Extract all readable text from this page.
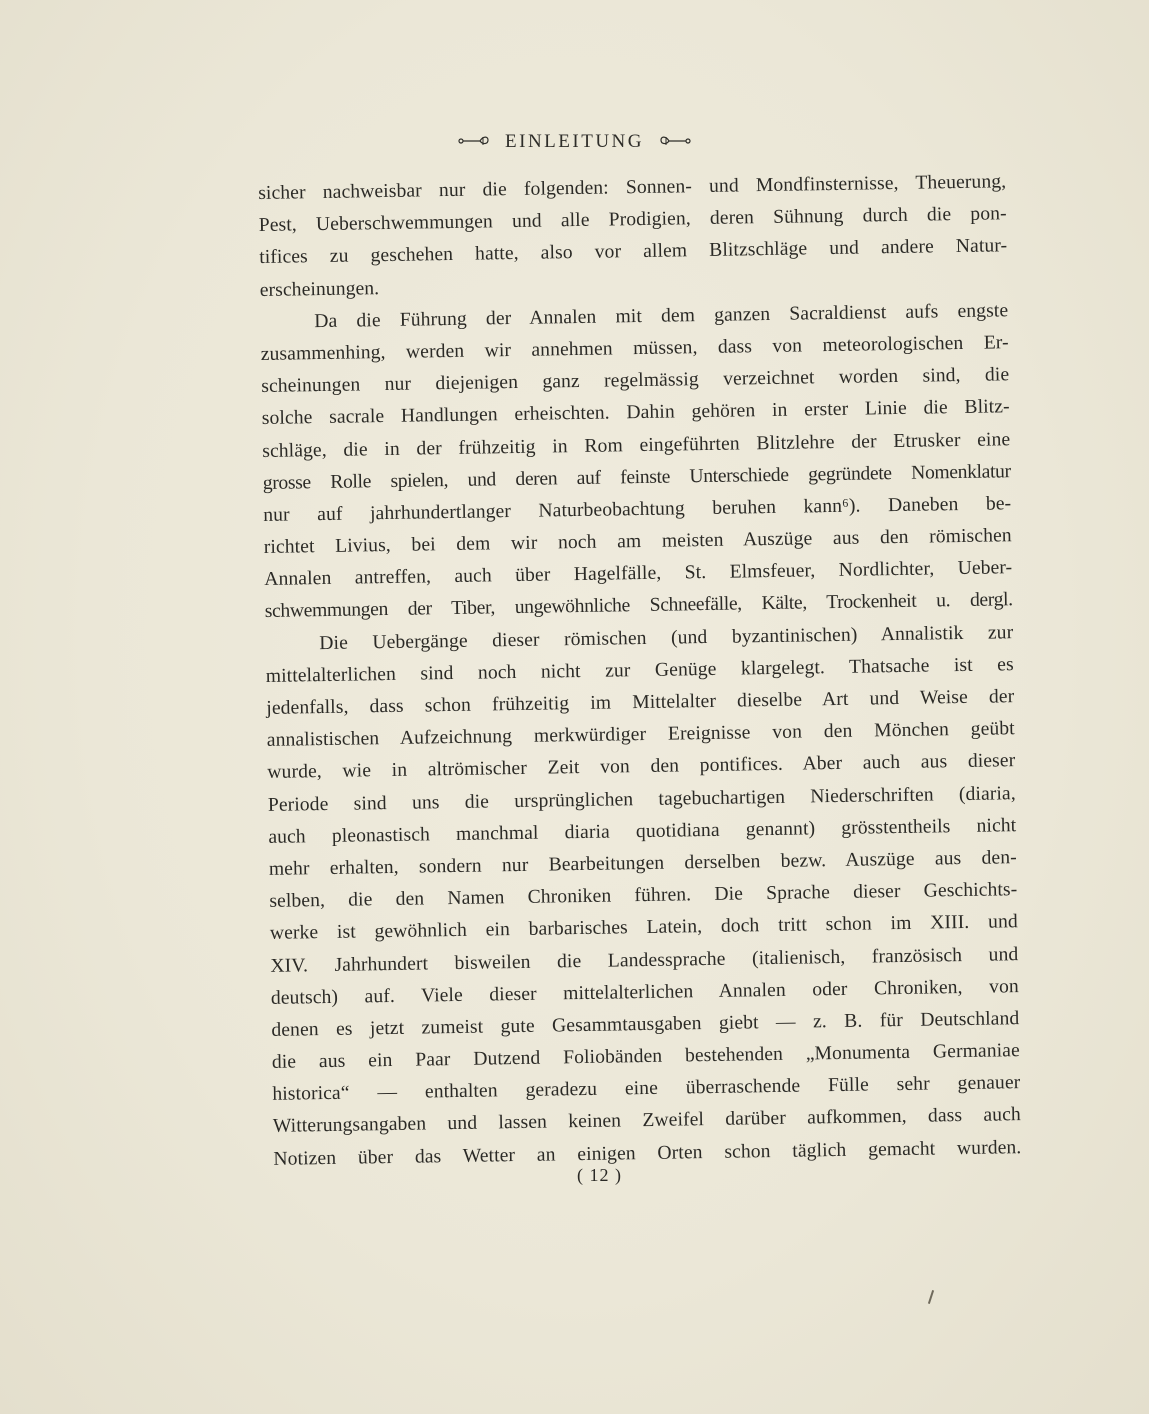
EINLEITUNG
sicher nachweisbar nur die folgenden: Sonnen- und Mondfinsternisse, Theuerung,
Pest, Ueberschwemmungen und alle Prodigien, deren Sühnung durch die pon-
tifices zu geschehen hatte, also vor allem Blitzschläge und andere Natur-
erscheinungen.
Da die Führung der Annalen mit dem ganzen Sacraldienst aufs engste
zusammenhing, werden wir annehmen müssen, dass von meteorologischen Er-
scheinungen nur diejenigen ganz regelmässig verzeichnet worden sind, die
solche sacrale Handlungen erheischten. Dahin gehören in erster Linie die Blitz-
schläge, die in der frühzeitig in Rom eingeführten Blitzlehre der Etrusker eine
grosse Rolle spielen, und deren auf feinste Unterschiede gegründete Nomenklatur
nur auf jahrhundertlanger Naturbeobachtung beruhen kann⁶). Daneben be-
richtet Livius, bei dem wir noch am meisten Auszüge aus den römischen
Annalen antreffen, auch über Hagelfälle, St. Elmsfeuer, Nordlichter, Ueber-
schwemmungen der Tiber, ungewöhnliche Schneefälle, Kälte, Trockenheit u. dergl.
Die Uebergänge dieser römischen (und byzantinischen) Annalistik zur
mittelalterlichen sind noch nicht zur Genüge klargelegt. Thatsache ist es
jedenfalls, dass schon frühzeitig im Mittelalter dieselbe Art und Weise der
annalistischen Aufzeichnung merkwürdiger Ereignisse von den Mönchen geübt
wurde, wie in altrömischer Zeit von den pontifices. Aber auch aus dieser
Periode sind uns die ursprünglichen tagebuchartigen Niederschriften (diaria,
auch pleonastisch manchmal diaria quotidiana genannt) grösstentheils nicht
mehr erhalten, sondern nur Bearbeitungen derselben bezw. Auszüge aus den-
selben, die den Namen Chroniken führen. Die Sprache dieser Geschichts-
werke ist gewöhnlich ein barbarisches Latein, doch tritt schon im XIII. und
XIV. Jahrhundert bisweilen die Landessprache (italienisch, französisch und
deutsch) auf. Viele dieser mittelalterlichen Annalen oder Chroniken, von
denen es jetzt zumeist gute Gesammtausgaben giebt — z. B. für Deutschland
die aus ein Paar Dutzend Foliobänden bestehenden „Monumenta Germaniae
historica“ — enthalten geradezu eine überraschende Fülle sehr genauer
Witterungsangaben und lassen keinen Zweifel darüber aufkommen, dass auch
Notizen über das Wetter an einigen Orten schon täglich gemacht wurden.
( 12 )
